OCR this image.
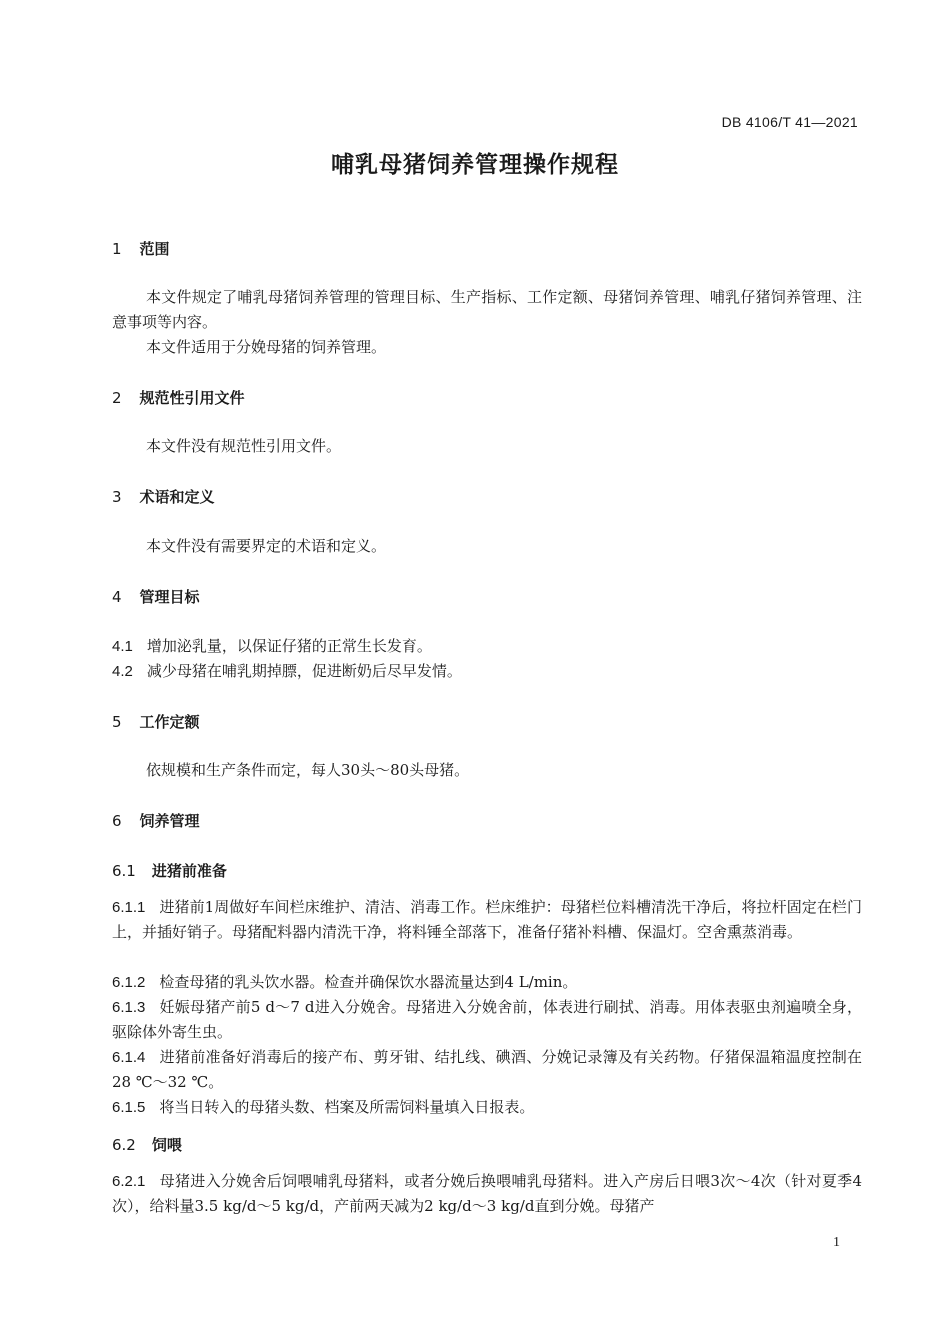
DB 4106/T 41—2021
哺乳母猪饲养管理操作规程
1 范围
本文件规定了哺乳母猪饲养管理的管理目标、生产指标、工作定额、母猪饲养管理、哺乳仔猪饲养管理、注意事项等内容。
本文件适用于分娩母猪的饲养管理。
2 规范性引用文件
本文件没有规范性引用文件。
3 术语和定义
本文件没有需要界定的术语和定义。
4 管理目标
4.1 增加泌乳量，以保证仔猪的正常生长发育。
4.2 减少母猪在哺乳期掉膘，促进断奶后尽早发情。
5 工作定额
依规模和生产条件而定，每人30头～80头母猪。
6 饲养管理
6.1 进猪前准备
6.1.1 进猪前1周做好车间栏床维护、清洁、消毒工作。栏床维护：母猪栏位料槽清洗干净后，将拉杆固定在栏门上，并插好销子。母猪配料器内清洗干净，将料锤全部落下，准备仔猪补料槽、保温灯。空舍熏蒸消毒。
6.1.2 检查母猪的乳头饮水器。检查并确保饮水器流量达到4 L/min。
6.1.3 妊娠母猪产前5 d～7 d进入分娩舍。母猪进入分娩舍前，体表进行刷拭、消毒。用体表驱虫剂遍喷全身，驱除体外寄生虫。
6.1.4 进猪前准备好消毒后的接产布、剪牙钳、结扎线、碘酒、分娩记录簿及有关药物。仔猪保温箱温度控制在28 ℃～32 ℃。
6.1.5 将当日转入的母猪头数、档案及所需饲料量填入日报表。
6.2 饲喂
6.2.1 母猪进入分娩舍后饲喂哺乳母猪料，或者分娩后换喂哺乳母猪料。进入产房后日喂3次～4次（针对夏季4次），给料量3.5 kg/d～5 kg/d，产前两天减为2 kg/d～3 kg/d直到分娩。母猪产
1
